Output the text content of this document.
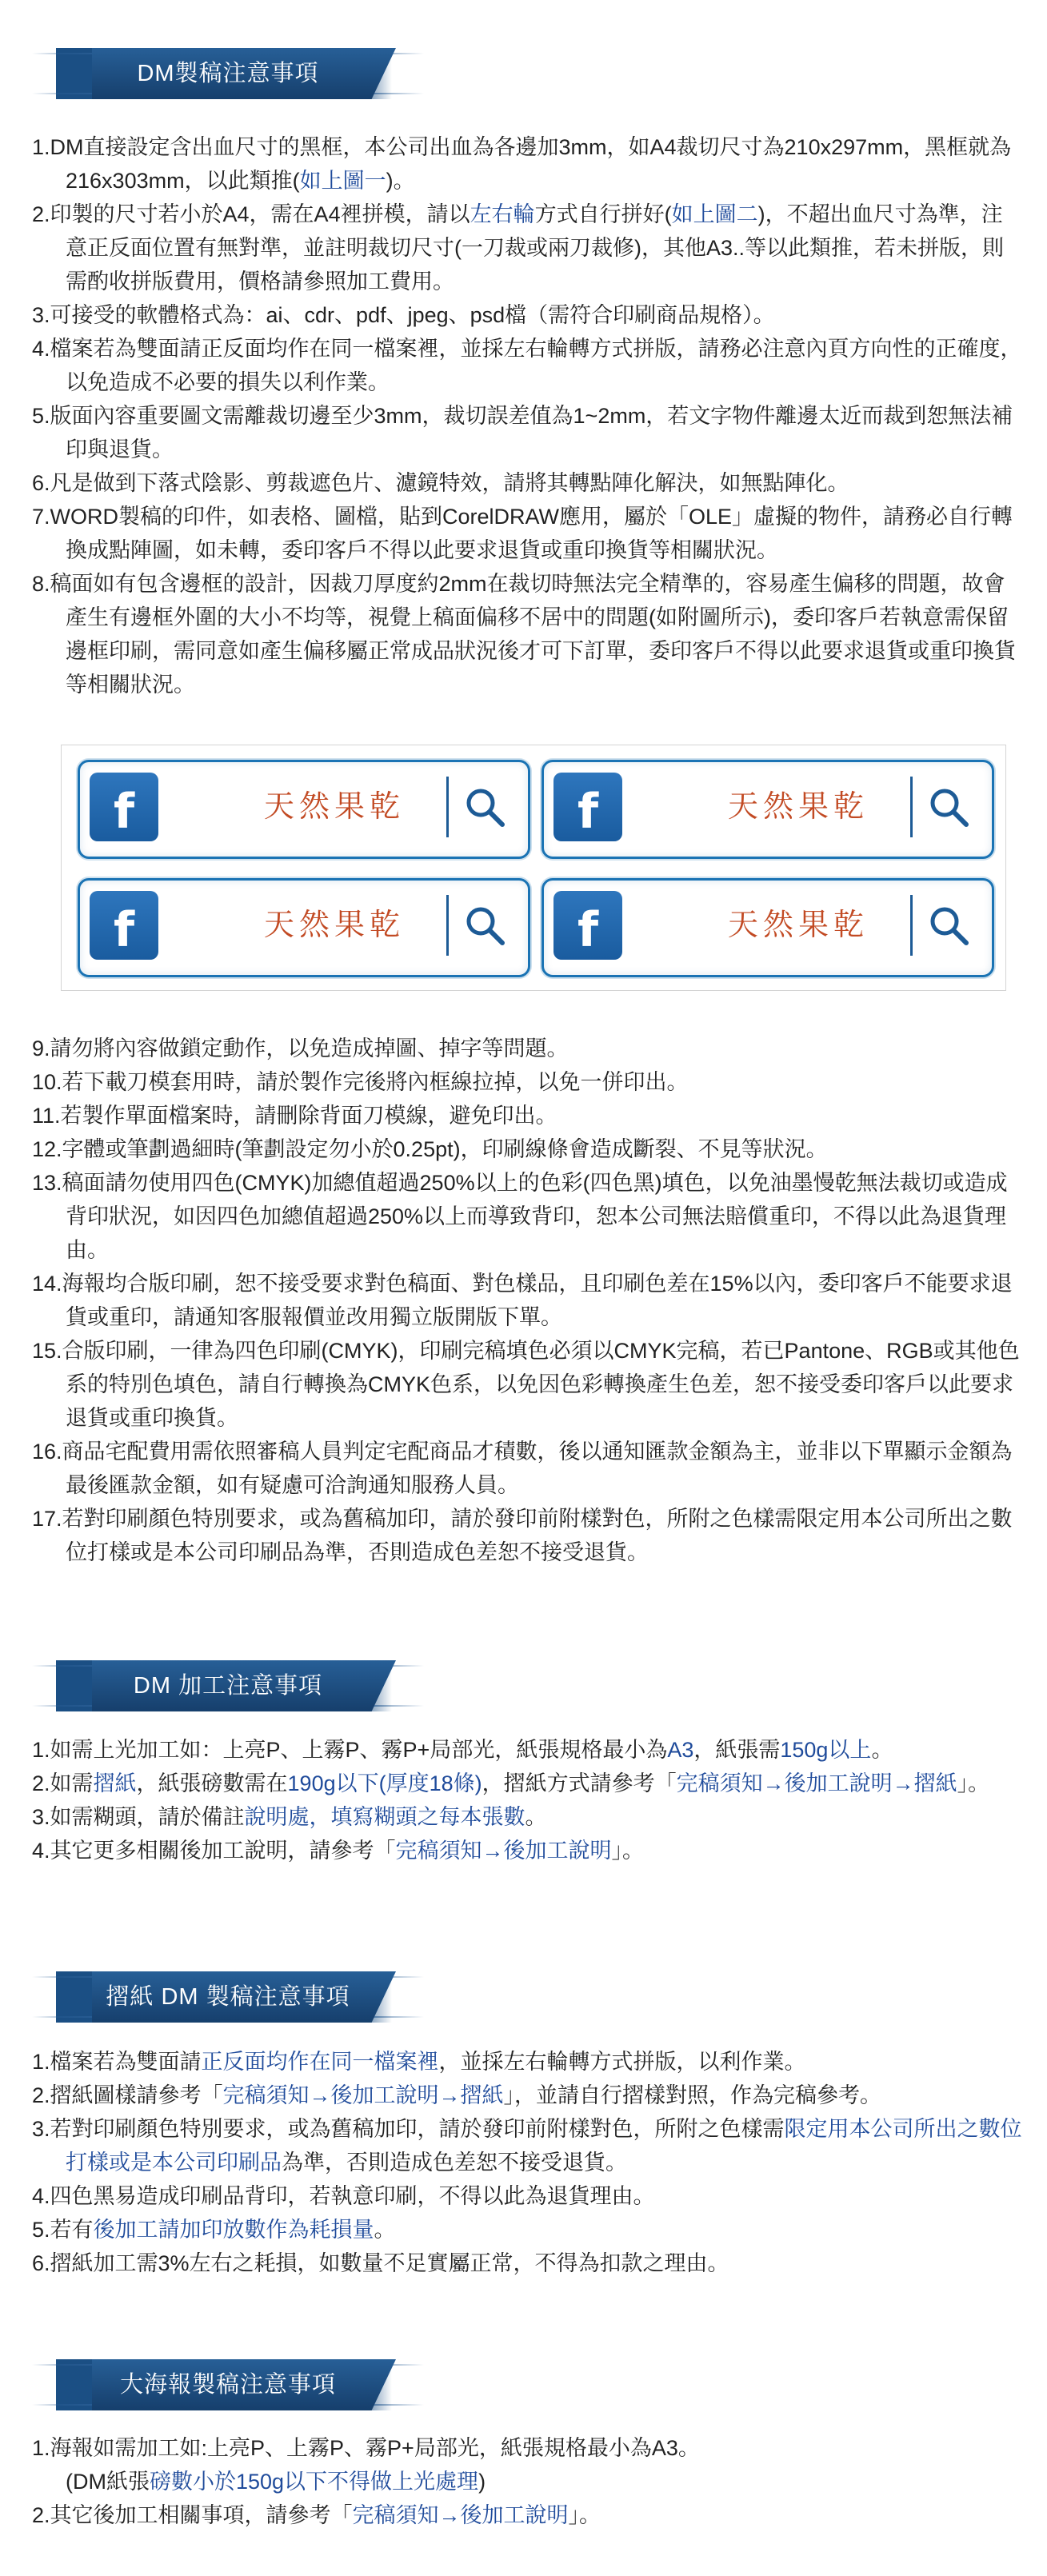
DM製稿注意事項
1.DM直接設定含出血尺寸的黑框，本公司出血為各邊加3mm，如A4裁切尺寸為210x297mm，黑框就為216x303mm，以此類推(如上圖一)。
2.印製的尺寸若小於A4，需在A4裡拼模，請以左右輪方式自行拼好(如上圖二)，不超出血尺寸為準，注意正反面位置有無對準，並註明裁切尺寸(一刀裁或兩刀裁修)，其他A3..等以此類推，若未拼版，則需酌收拼版費用，價格請參照加工費用。
3.可接受的軟體格式為：ai、cdr、pdf、jpeg、psd檔（需符合印刷商品規格）。
4.檔案若為雙面請正反面均作在同一檔案裡，並採左右輪轉方式拼版，請務必注意內頁方向性的正確度，以免造成不必要的損失以利作業。
5.版面內容重要圖文需離裁切邊至少3mm，裁切誤差值為1~2mm，若文字物件離邊太近而裁到恕無法補印與退貨。
6.凡是做到下落式陰影、剪裁遮色片、濾鏡特效，請將其轉點陣化解決，如無點陣化。
7.WORD製稿的印件，如表格、圖檔，貼到CorelDRAW應用，屬於「OLE」虛擬的物件，請務必自行轉換成點陣圖，如未轉，委印客戶不得以此要求退貨或重印換貨等相關狀況。
8.稿面如有包含邊框的設計，因裁刀厚度約2mm在裁切時無法完全精準的，容易產生偏移的問題，故會產生有邊框外圍的大小不均等，視覺上稿面偏移不居中的問題(如附圖所示)，委印客戶若執意需保留邊框印刷，需同意如產生偏移屬正常成品狀況後才可下訂單，委印客戶不得以此要求退貨或重印換貨等相關狀況。
f	天然果乾	f	天然果乾
f	天然果乾	f	天然果乾
9.請勿將內容做鎖定動作，以免造成掉圖、掉字等問題。
10.若下載刀模套用時，請於製作完後將內框線拉掉，以免一併印出。
11.若製作單面檔案時，請刪除背面刀模線，避免印出。
12.字體或筆劃過細時(筆劃設定勿小於0.25pt)，印刷線條會造成斷裂、不見等狀況。
13.稿面請勿使用四色(CMYK)加總值超過250%以上的色彩(四色黑)填色，以免油墨慢乾無法裁切或造成背印狀況，如因四色加總值超過250%以上而導致背印，恕本公司無法賠償重印，不得以此為退貨理由。
14.海報均合版印刷，恕不接受要求對色稿面、對色樣品，且印刷色差在15%以內，委印客戶不能要求退貨或重印，請通知客服報價並改用獨立版開版下單。
15.合版印刷，一律為四色印刷(CMYK)，印刷完稿填色必須以CMYK完稿，若已Pantone、RGB或其他色系的特別色填色，請自行轉換為CMYK色系，以免因色彩轉換產生色差，恕不接受委印客戶以此要求退貨或重印換貨。
16.商品宅配費用需依照審稿人員判定宅配商品才積數，後以通知匯款金額為主，並非以下單顯示金額為最後匯款金額，如有疑慮可洽詢通知服務人員。
17.若對印刷顏色特別要求，或為舊稿加印，請於發印前附樣對色，所附之色樣需限定用本公司所出之數位打樣或是本公司印刷品為準，否則造成色差恕不接受退貨。
DM 加工注意事項
1.如需上光加工如：上亮P、上霧P、霧P+局部光，紙張規格最小為A3，紙張需150g以上。
2.如需摺紙，紙張磅數需在190g以下(厚度18條)，摺紙方式請參考「完稿須知→後加工說明→摺紙」。
3.如需糊頭，請於備註說明處，填寫糊頭之每本張數。
4.其它更多相關後加工說明，請參考「完稿須知→後加工說明」。
摺紙 DM 製稿注意事項
1.檔案若為雙面請正反面均作在同一檔案裡，並採左右輪轉方式拼版，以利作業。
2.摺紙圖樣請參考「完稿須知→後加工說明→摺紙」，並請自行摺樣對照，作為完稿參考。
3.若對印刷顏色特別要求，或為舊稿加印，請於發印前附樣對色，所附之色樣需限定用本公司所出之數位打樣或是本公司印刷品為準，否則造成色差恕不接受退貨。
4.四色黑易造成印刷品背印，若執意印刷，不得以此為退貨理由。
5.若有後加工請加印放數作為耗損量。
6.摺紙加工需3%左右之耗損，如數量不足實屬正常，不得為扣款之理由。
大海報製稿注意事項
1.海報如需加工如:上亮P、上霧P、霧P+局部光，紙張規格最小為A3。
(DM紙張磅數小於150g以下不得做上光處理)
2.其它後加工相關事項，請參考「完稿須知→後加工說明」。
